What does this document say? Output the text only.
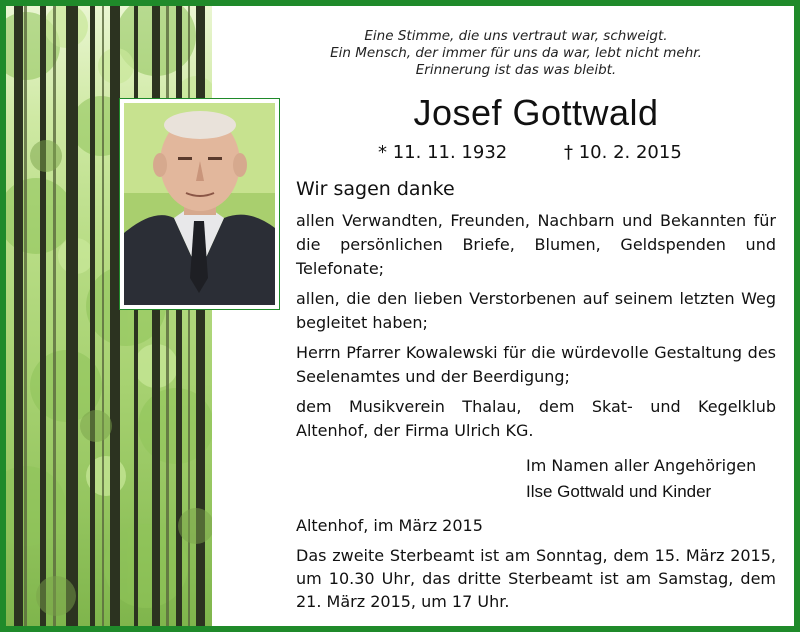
Eine Stimme, die uns vertraut war, schweigt.
Ein Mensch, der immer für uns da war, lebt nicht mehr.
Erinnerung ist das was bleibt.
Josef Gottwald
* 11. 11. 1932	† 10. 2. 2015
Wir sagen danke
allen Verwandten, Freunden, Nachbarn und Bekannten für die persönlichen Briefe, Blumen, Geldspenden und Telefonate;
allen, die den lieben Verstorbenen auf seinem letzten Weg begleitet haben;
Herrn Pfarrer Kowalewski für die würdevolle Gestaltung des Seelenamtes und der Beerdigung;
dem Musikverein Thalau, dem Skat- und Kegelklub Altenhof, der Firma Ulrich KG.
Im Namen aller Angehörigen
Ilse Gottwald und Kinder
Altenhof, im März 2015
Das zweite Sterbeamt ist am Sonntag, dem 15. März 2015, um 10.30 Uhr, das dritte Sterbeamt ist am Samstag, dem 21. März 2015, um 17 Uhr.
